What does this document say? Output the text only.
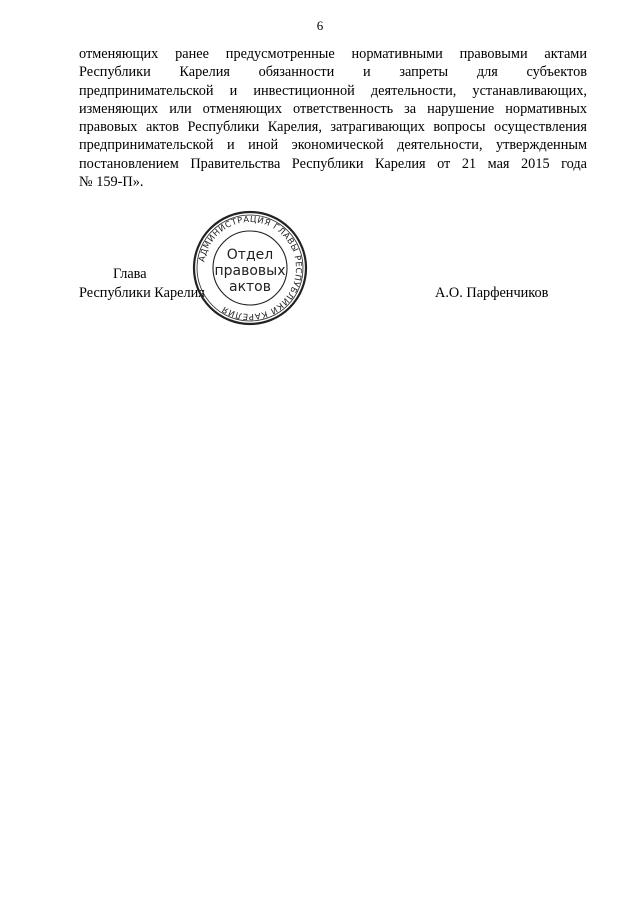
6
отменяющих ранее предусмотренные нормативными правовыми актами
Республики Карелия обязанности и запреты для субъектов
предпринимательской и инвестиционной деятельности, устанавливающих,
изменяющих или отменяющих ответственность за нарушение нормативных
правовых актов Республики Карелия, затрагивающих вопросы осуществления
предпринимательской и иной экономической деятельности, утвержденным
постановлением Правительства Республики Карелия от 21 мая 2015 года
№ 159-П».
Глава
Республики Карелия	А.О. Парфенчиков
АДМИНИСТРАЦИЯ ГЛАВЫ РЕСПУБЛИКИ КАРЕЛИЯ
Отдел
правовых
актов
